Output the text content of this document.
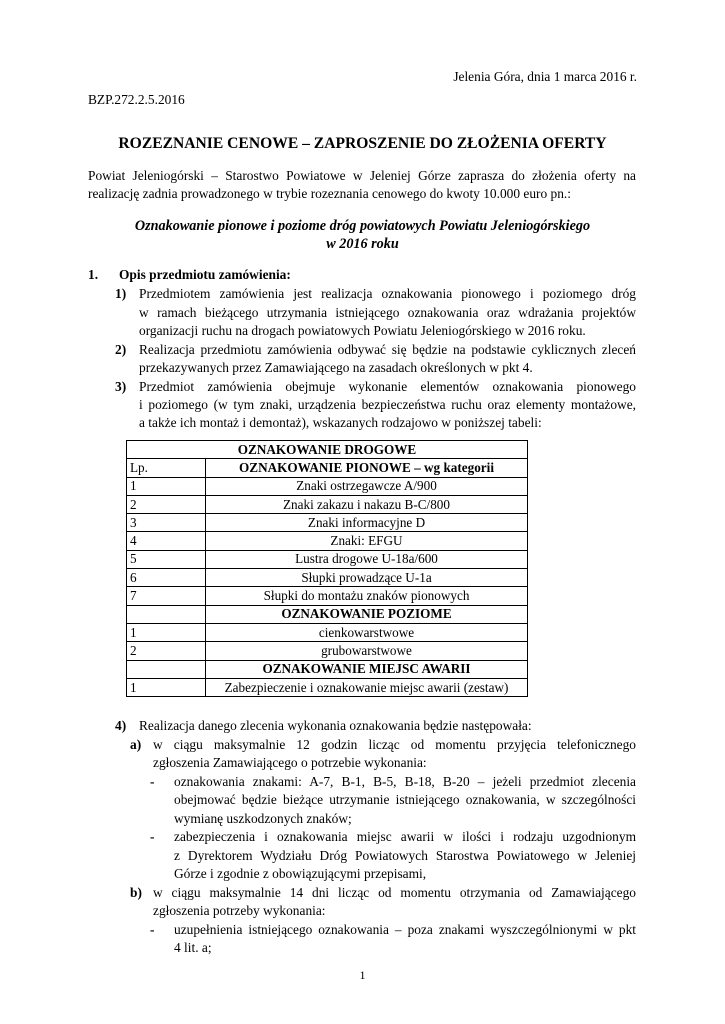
Jelenia Góra, dnia 1 marca 2016 r.
BZP.272.2.5.2016
ROZEZNANIE CENOWE – ZAPROSZENIE DO ZŁOŻENIA OFERTY
Powiat Jeleniogórski – Starostwo Powiatowe w Jeleniej Górze zaprasza do złożenia oferty na
realizację zadnia prowadzonego w trybie rozeznania cenowego do kwoty 10.000 euro pn.:
Oznakowanie pionowe i poziome dróg powiatowych Powiatu Jeleniogórskiego
w 2016 roku
1. Opis przedmiotu zamówienia:
1) Przedmiotem zamówienia jest realizacja oznakowania pionowego i poziomego dróg
w ramach bieżącego utrzymania istniejącego oznakowania oraz wdrażania projektów
organizacji ruchu na drogach powiatowych Powiatu Jeleniogórskiego w 2016 roku.
2) Realizacja przedmiotu zamówienia odbywać się będzie na podstawie cyklicznych zleceń
przekazywanych przez Zamawiającego na zasadach określonych w pkt 4.
3) Przedmiot zamówienia obejmuje wykonanie elementów oznakowania pionowego
i poziomego (w tym znaki, urządzenia bezpieczeństwa ruchu oraz elementy montażowe,
a także ich montaż i demontaż), wskazanych rodzajowo w poniższej tabeli:
OZNAKOWANIE DROGOWE	
Lp.	OZNAKOWANIE PIONOWE – wg kategorii
1	Znaki ostrzegawcze A/900
2	Znaki zakazu i nakazu B-C/800
3	Znaki informacyjne D
4	Znaki: EFGU
5	Lustra drogowe U-18a/600
6	Słupki prowadzące U-1a
7	Słupki do montażu znaków pionowych
	OZNAKOWANIE POZIOME
1	cienkowarstwowe
2	grubowarstwowe
	OZNAKOWANIE MIEJSC AWARII
1	Zabezpieczenie i oznakowanie miejsc awarii (zestaw)
4) Realizacja danego zlecenia wykonania oznakowania będzie następowała:
a) w ciągu maksymalnie 12 godzin licząc od momentu przyjęcia telefonicznego
zgłoszenia Zamawiającego o potrzebie wykonania:
- oznakowania znakami: A-7, B-1, B-5, B-18, B-20 – jeżeli przedmiot zlecenia
obejmować będzie bieżące utrzymanie istniejącego oznakowania, w szczególności
wymianę uszkodzonych znaków;
- zabezpieczenia i oznakowania miejsc awarii w ilości i rodzaju uzgodnionym
z Dyrektorem Wydziału Dróg Powiatowych Starostwa Powiatowego w Jeleniej
Górze i zgodnie z obowiązującymi przepisami,
b) w ciągu maksymalnie 14 dni licząc od momentu otrzymania od Zamawiającego
zgłoszenia potrzeby wykonania:
- uzupełnienia istniejącego oznakowania – poza znakami wyszczególnionymi w pkt
4 lit. a;
1
